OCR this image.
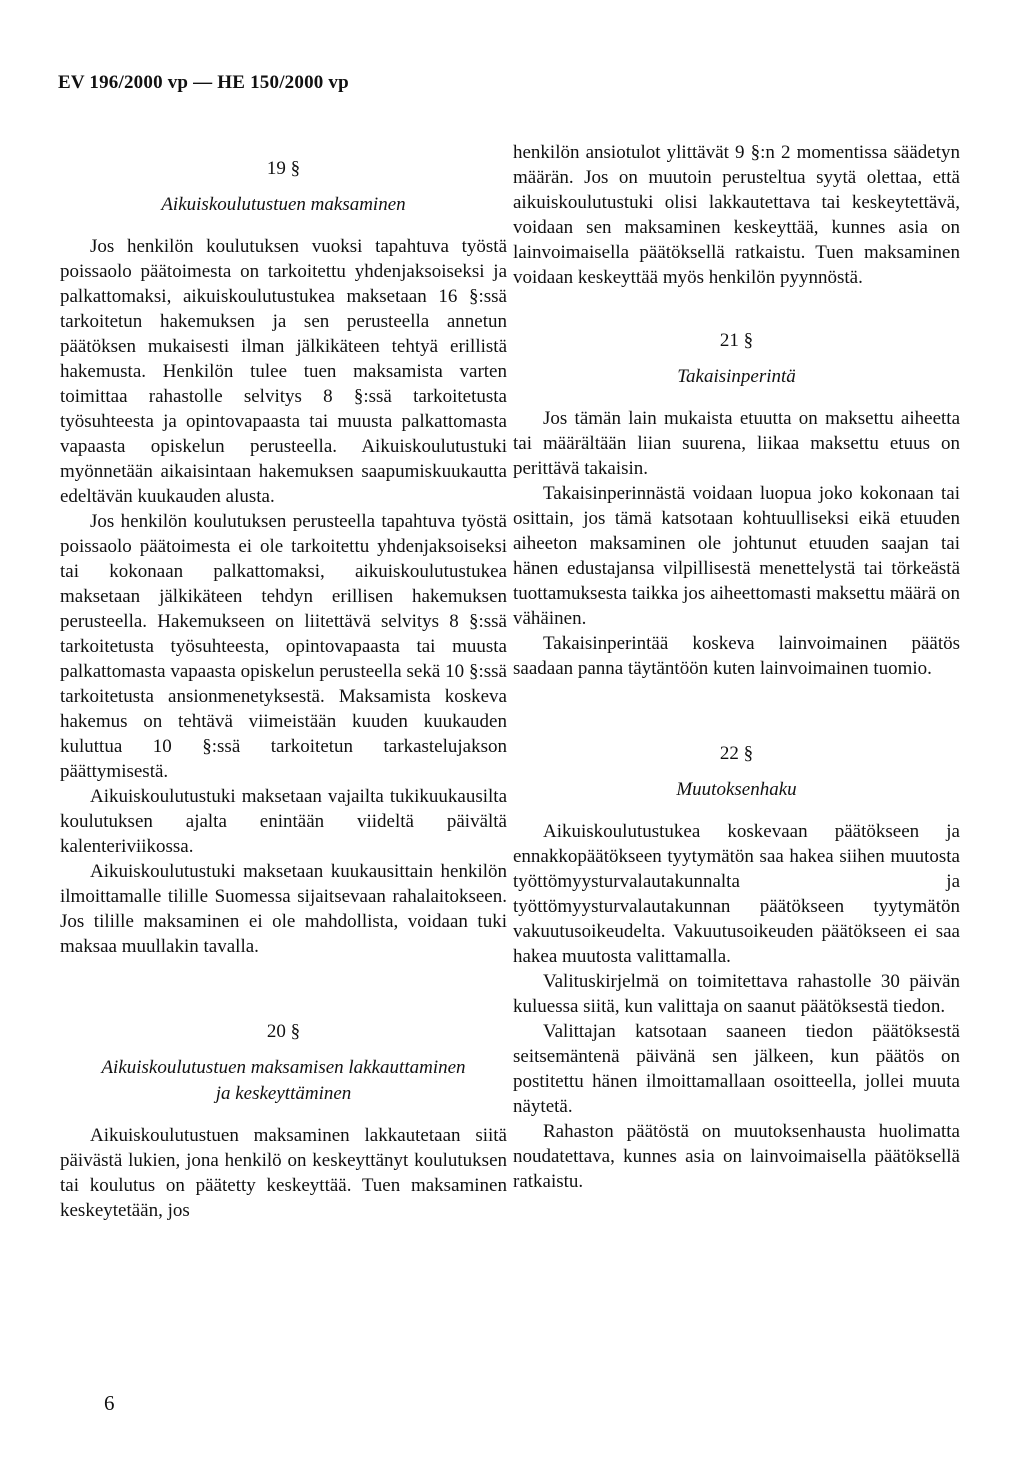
EV 196/2000 vp — HE 150/2000 vp
19 §
Aikuiskoulutustuen maksaminen

Jos henkilön koulutuksen vuoksi tapahtuva työstä poissaolo päätoimesta on tarkoitettu yhdenjaksoiseksi ja palkattomaksi, aikuiskoulutustukea maksetaan 16 §:ssä tarkoitetun hakemuksen ja sen perusteella annetun päätöksen mukaisesti ilman jälkikäteen tehtyä erillistä hakemusta. Henkilön tulee tuen maksamista varten toimittaa rahastolle selvitys 8 §:ssä tarkoitetusta työsuhteesta ja opintovapaasta tai muusta palkattomasta vapaasta opiskelun perusteella. Aikuiskoulutustuki myönnetään aikaisintaan hakemuksen saapumiskuukautta edeltävän kuukauden alusta.

Jos henkilön koulutuksen perusteella tapahtuva työstä poissaolo päätoimesta ei ole tarkoitettu yhdenjaksoiseksi tai kokonaan palkattomaksi, aikuiskoulutustukea maksetaan jälkikäteen tehdyn erillisen hakemuksen perusteella. Hakemukseen on liitettävä selvitys 8 §:ssä tarkoitetusta työsuhteesta, opintovapaasta tai muusta palkattomasta vapaasta opiskelun perusteella sekä 10 §:ssä tarkoitetusta ansionmenetyksestä. Maksamista koskeva hakemus on tehtävä viimeistään kuuden kuukauden kuluttua 10 §:ssä tarkoitetun tarkastelujakson päättymisestä.

Aikuiskoulutustuki maksetaan vajailta tukikuukausilta koulutuksen ajalta enintään viideltä päivältä kalenteriviikossa.

Aikuiskoulutustuki maksetaan kuukausittain henkilön ilmoittamalle tilille Suomessa sijaitsevaan rahalaitokseen. Jos tilille maksaminen ei ole mahdollista, voidaan tuki maksaa muullakin tavalla.

20 §
Aikuiskoulutustuen maksamisen lakkauttaminen
ja keskeyttäminen

Aikuiskoulutustuen maksaminen lakkautetaan siitä päivästä lukien, jona henkilö on keskeyttänyt koulutuksen tai koulutus on päätetty keskeyttää. Tuen maksaminen keskeytetään, jos

henkilön ansiotulot ylittävät 9 §:n 2 momentissa säädetyn määrän. Jos on muutoin perusteltua syytä olettaa, että aikuiskoulutustuki olisi lakkautettava tai keskeytettävä, voidaan sen maksaminen keskeyttää, kunnes asia on lainvoimaisella päätöksellä ratkaistu. Tuen maksaminen voidaan keskeyttää myös henkilön pyynnöstä.

21 §
Takaisinperintä

Jos tämän lain mukaista etuutta on maksettu aiheetta tai määrältään liian suurena, liikaa maksettu etuus on perittävä takaisin.

Takaisinperinnästä voidaan luopua joko kokonaan tai osittain, jos tämä katsotaan kohtuulliseksi eikä etuuden aiheeton maksaminen ole johtunut etuuden saajan tai hänen edustajansa vilpillisestä menettelystä tai törkeästä tuottamuksesta taikka jos aiheettomasti maksettu määrä on vähäinen.

Takaisinperintää koskeva lainvoimainen päätös saadaan panna täytäntöön kuten lainvoimainen tuomio.

22 §
Muutoksenhaku

Aikuiskoulutustukea koskevaan päätökseen ja ennakkopäätökseen tyytymätön saa hakea siihen muutosta työttömyysturvalautakunnalta ja työttömyysturvalautakunnan päätökseen tyytymätön vakuutusoikeudelta. Vakuutusoikeuden päätökseen ei saa hakea muutosta valittamalla.

Valituskirjelmä on toimitettava rahastolle 30 päivän kuluessa siitä, kun valittaja on saanut päätöksestä tiedon.

Valittajan katsotaan saaneen tiedon päätöksestä seitsemäntenä päivänä sen jälkeen, kun päätös on postitettu hänen ilmoittamallaan osoitteella, jollei muuta näytetä.

Rahaston päätöstä on muutoksenhausta huolimatta noudatettava, kunnes asia on lainvoimaisella päätöksellä ratkaistu.

6
